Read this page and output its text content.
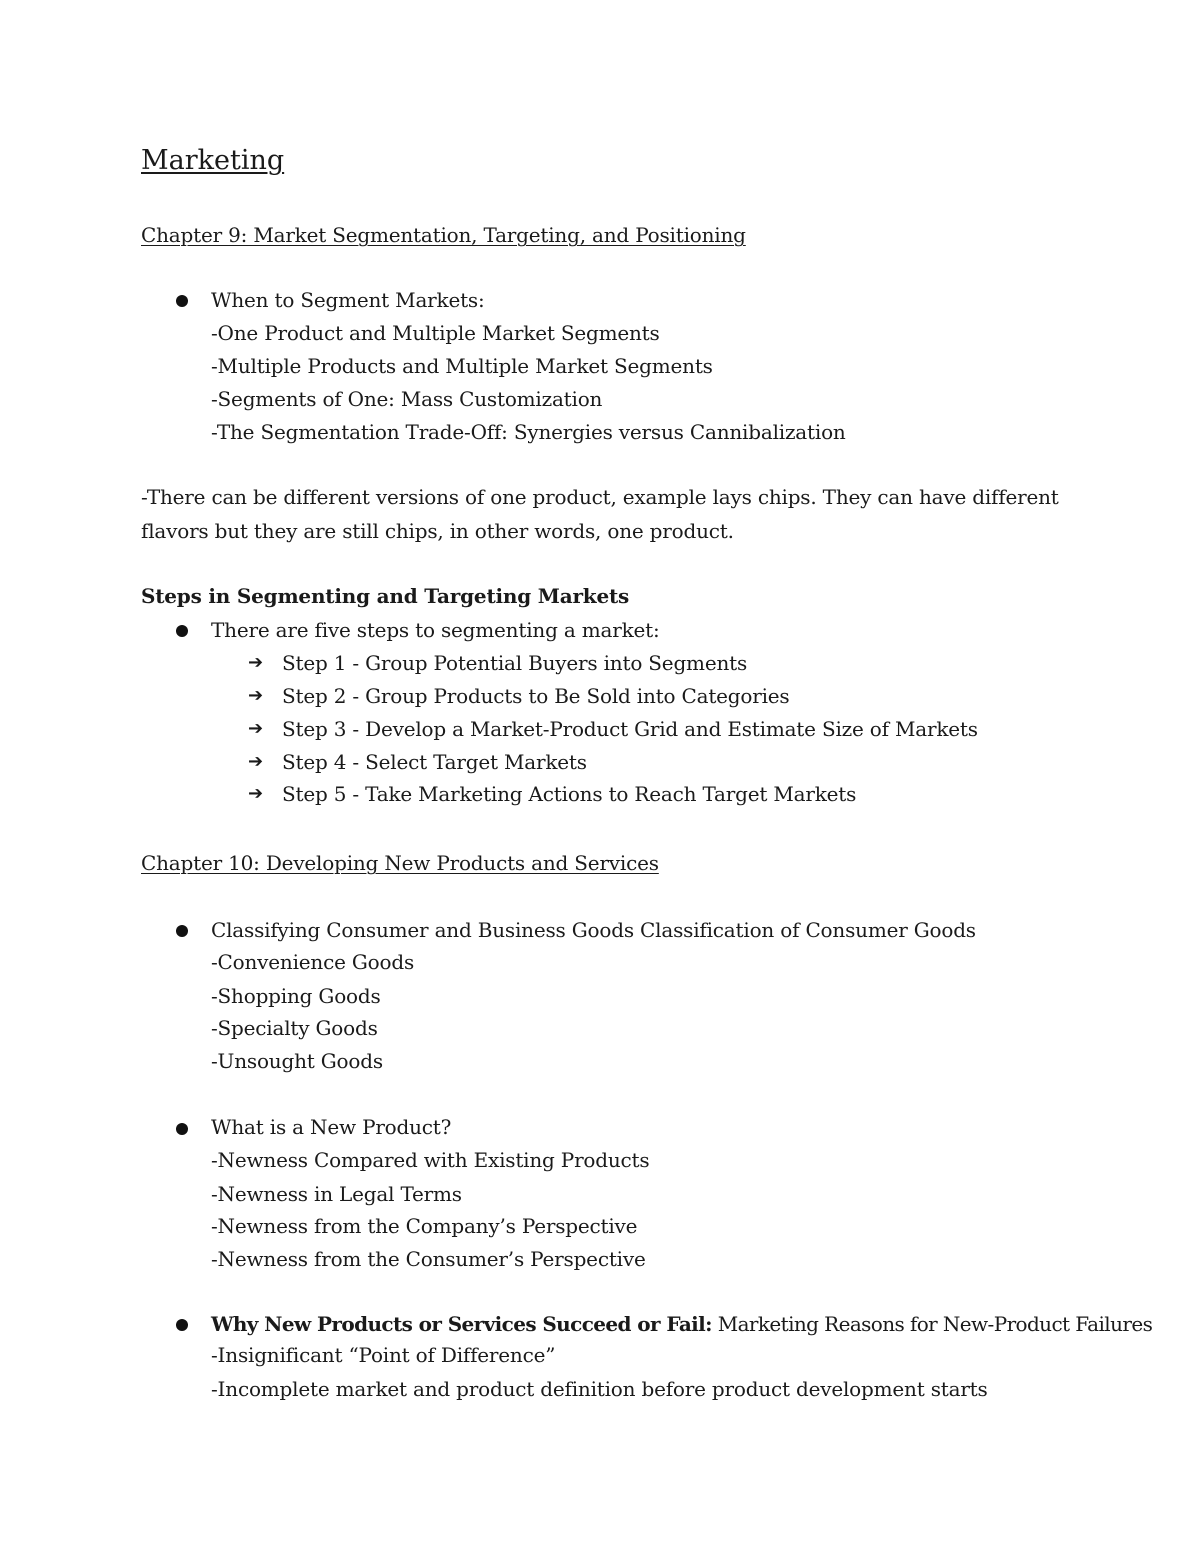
Marketing
Chapter 9: Market Segmentation, Targeting, and Positioning
When to Segment Markets:
-One Product and Multiple Market Segments
-Multiple Products and Multiple Market Segments
-Segments of One: Mass Customization
-The Segmentation Trade-Off: Synergies versus Cannibalization
-There can be different versions of one product, example lays chips. They can have different
flavors but they are still chips, in other words, one product.
Steps in Segmenting and Targeting Markets
There are five steps to segmenting a market:
➔ Step 1 - Group Potential Buyers into Segments
➔ Step 2 - Group Products to Be Sold into Categories
➔ Step 3 - Develop a Market-Product Grid and Estimate Size of Markets
➔ Step 4 - Select Target Markets
➔ Step 5 - Take Marketing Actions to Reach Target Markets
Chapter 10: Developing New Products and Services
Classifying Consumer and Business Goods Classification of Consumer Goods
-Convenience Goods
-Shopping Goods
-Specialty Goods
-Unsought Goods
What is a New Product?
-Newness Compared with Existing Products
-Newness in Legal Terms
-Newness from the Company’s Perspective
-Newness from the Consumer’s Perspective
Why New Products or Services Succeed or Fail: Marketing Reasons for New-Product Failures
-Insignificant “Point of Difference”
-Incomplete market and product definition before product development starts
